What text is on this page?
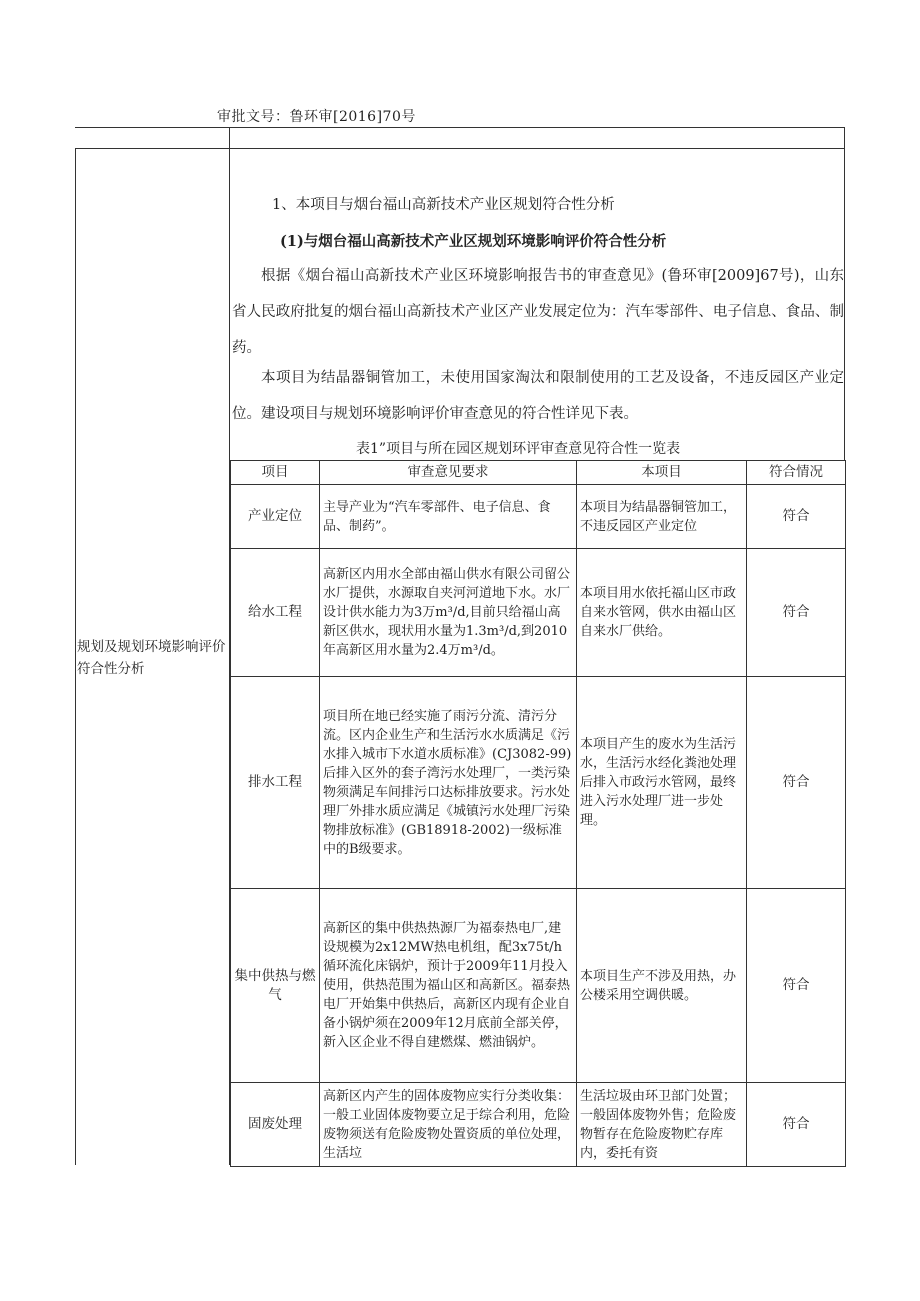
审批文号：鲁环审[2016]70号
规划及规划环境影响评价符合性分析
1、本项目与烟台福山高新技术产业区规划符合性分析
(1)与烟台福山高新技术产业区规划环境影响评价符合性分析
根据《烟台福山高新技术产业区环境影响报告书的审查意见》(鲁环审[2009]67号)，山东省人民政府批复的烟台福山高新技术产业区产业发展定位为：汽车零部件、电子信息、食品、制药。
本项目为结晶器铜管加工，未使用国家淘汰和限制使用的工艺及设备，不违反园区产业定位。建设项目与规划环境影响评价审查意见的符合性详见下表。
表1”项目与所在园区规划环评审查意见符合性一览表
项目	审查意见要求	本项目	符合情况
产业定位	主导产业为“汽车零部件、电子信息、食品、制药”。	本项目为结晶器铜管加工，不违反园区产业定位	符合
给水工程	高新区内用水全部由福山供水有限公司留公水厂提供，水源取自夹河河道地下水。水厂设计供水能力为3万m³/d,目前只给福山高新区供水，现状用水量为1.3m³/d,到2010年高新区用水量为2.4万m³/d。	本项目用水依托福山区市政自来水管网，供水由福山区自来水厂供给。	符合
排水工程	项目所在地已经实施了雨污分流、清污分流。区内企业生产和生活污水水质满足《污水排入城市下水道水质标准》(CJ3082-99)后排入区外的套子湾污水处理厂，一类污染物须满足车间排污口达标排放要求。污水处理厂外排水质应满足《城镇污水处理厂污染物排放标准》(GB18918-2002)一级标准中的B级要求。	本项目产生的废水为生活污水，生活污水经化粪池处理后排入市政污水管网，最终进入污水处理厂进一步处理。	符合
集中供热与燃气	高新区的集中供热热源厂为福泰热电厂,建设规模为2x12MW热电机组，配3x75t/h循环流化床锅炉，预计于2009年11月投入使用，供热范围为福山区和高新区。福泰热电厂开始集中供热后，高新区内现有企业自备小锅炉须在2009年12月底前全部关停，新入区企业不得自建燃煤、燃油锅炉。	本项目生产不涉及用热，办公楼采用空调供暖。	符合
固废处理	高新区内产生的固体废物应实行分类收集：一般工业固体废物要立足于综合利用，危险废物须送有危险废物处置资质的单位处理，生活垃	生活垃圾由环卫部门处置；一般固体废物外售；危险废物暂存在危险废物贮存库内，委托有资	符合
